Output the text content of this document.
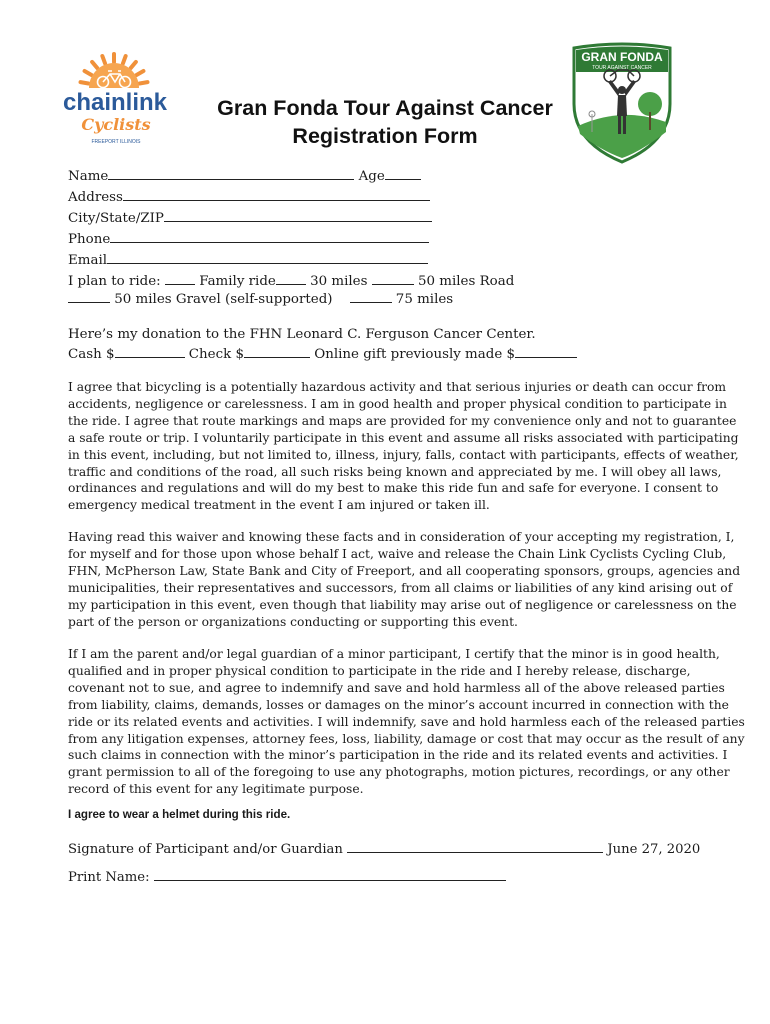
chainlink
Cyclists
FREEPORT ILLINOIS
Gran Fonda Tour Against Cancer
Registration Form
GRAN FONDA
TOUR AGAINST CANCER
Name	Age
Address
City/State/ZIP
Phone
Email
I plan to ride:	Family ride	30 miles	50 miles Road
50 miles Gravel (self-supported)	75 miles
Here’s my donation to the FHN Leonard C. Ferguson Cancer Center.
Cash $	Check $	Online gift previously made $
I agree that bicycling is a potentially hazardous activity and that serious injuries or death can occur from
accidents, negligence or carelessness. I am in good health and proper physical condition to participate in
the ride. I agree that route markings and maps are provided for my convenience only and not to guarantee
a safe route or trip. I voluntarily participate in this event and assume all risks associated with participating
in this event, including, but not limited to, illness, injury, falls, contact with participants, effects of weather,
traffic and conditions of the road, all such risks being known and appreciated by me. I will obey all laws,
ordinances and regulations and will do my best to make this ride fun and safe for everyone. I consent to
emergency medical treatment in the event I am injured or taken ill.
Having read this waiver and knowing these facts and in consideration of your accepting my registration, I,
for myself and for those upon whose behalf I act, waive and release the Chain Link Cyclists Cycling Club,
FHN, McPherson Law, State Bank and City of Freeport, and all cooperating sponsors, groups, agencies and
municipalities, their representatives and successors, from all claims or liabilities of any kind arising out of
my participation in this event, even though that liability may arise out of negligence or carelessness on the
part of the person or organizations conducting or supporting this event.
If I am the parent and/or legal guardian of a minor participant, I certify that the minor is in good health,
qualified and in proper physical condition to participate in the ride and I hereby release, discharge,
covenant not to sue, and agree to indemnify and save and hold harmless all of the above released parties
from liability, claims, demands, losses or damages on the minor’s account incurred in connection with the
ride or its related events and activities. I will indemnify, save and hold harmless each of the released parties
from any litigation expenses, attorney fees, loss, liability, damage or cost that may occur as the result of any
such claims in connection with the minor’s participation in the ride and its related events and activities. I
grant permission to all of the foregoing to use any photographs, motion pictures, recordings, or any other
record of this event for any legitimate purpose.
I agree to wear a helmet during this ride.
Signature of Participant and/or Guardian	June 27, 2020
Print Name:
